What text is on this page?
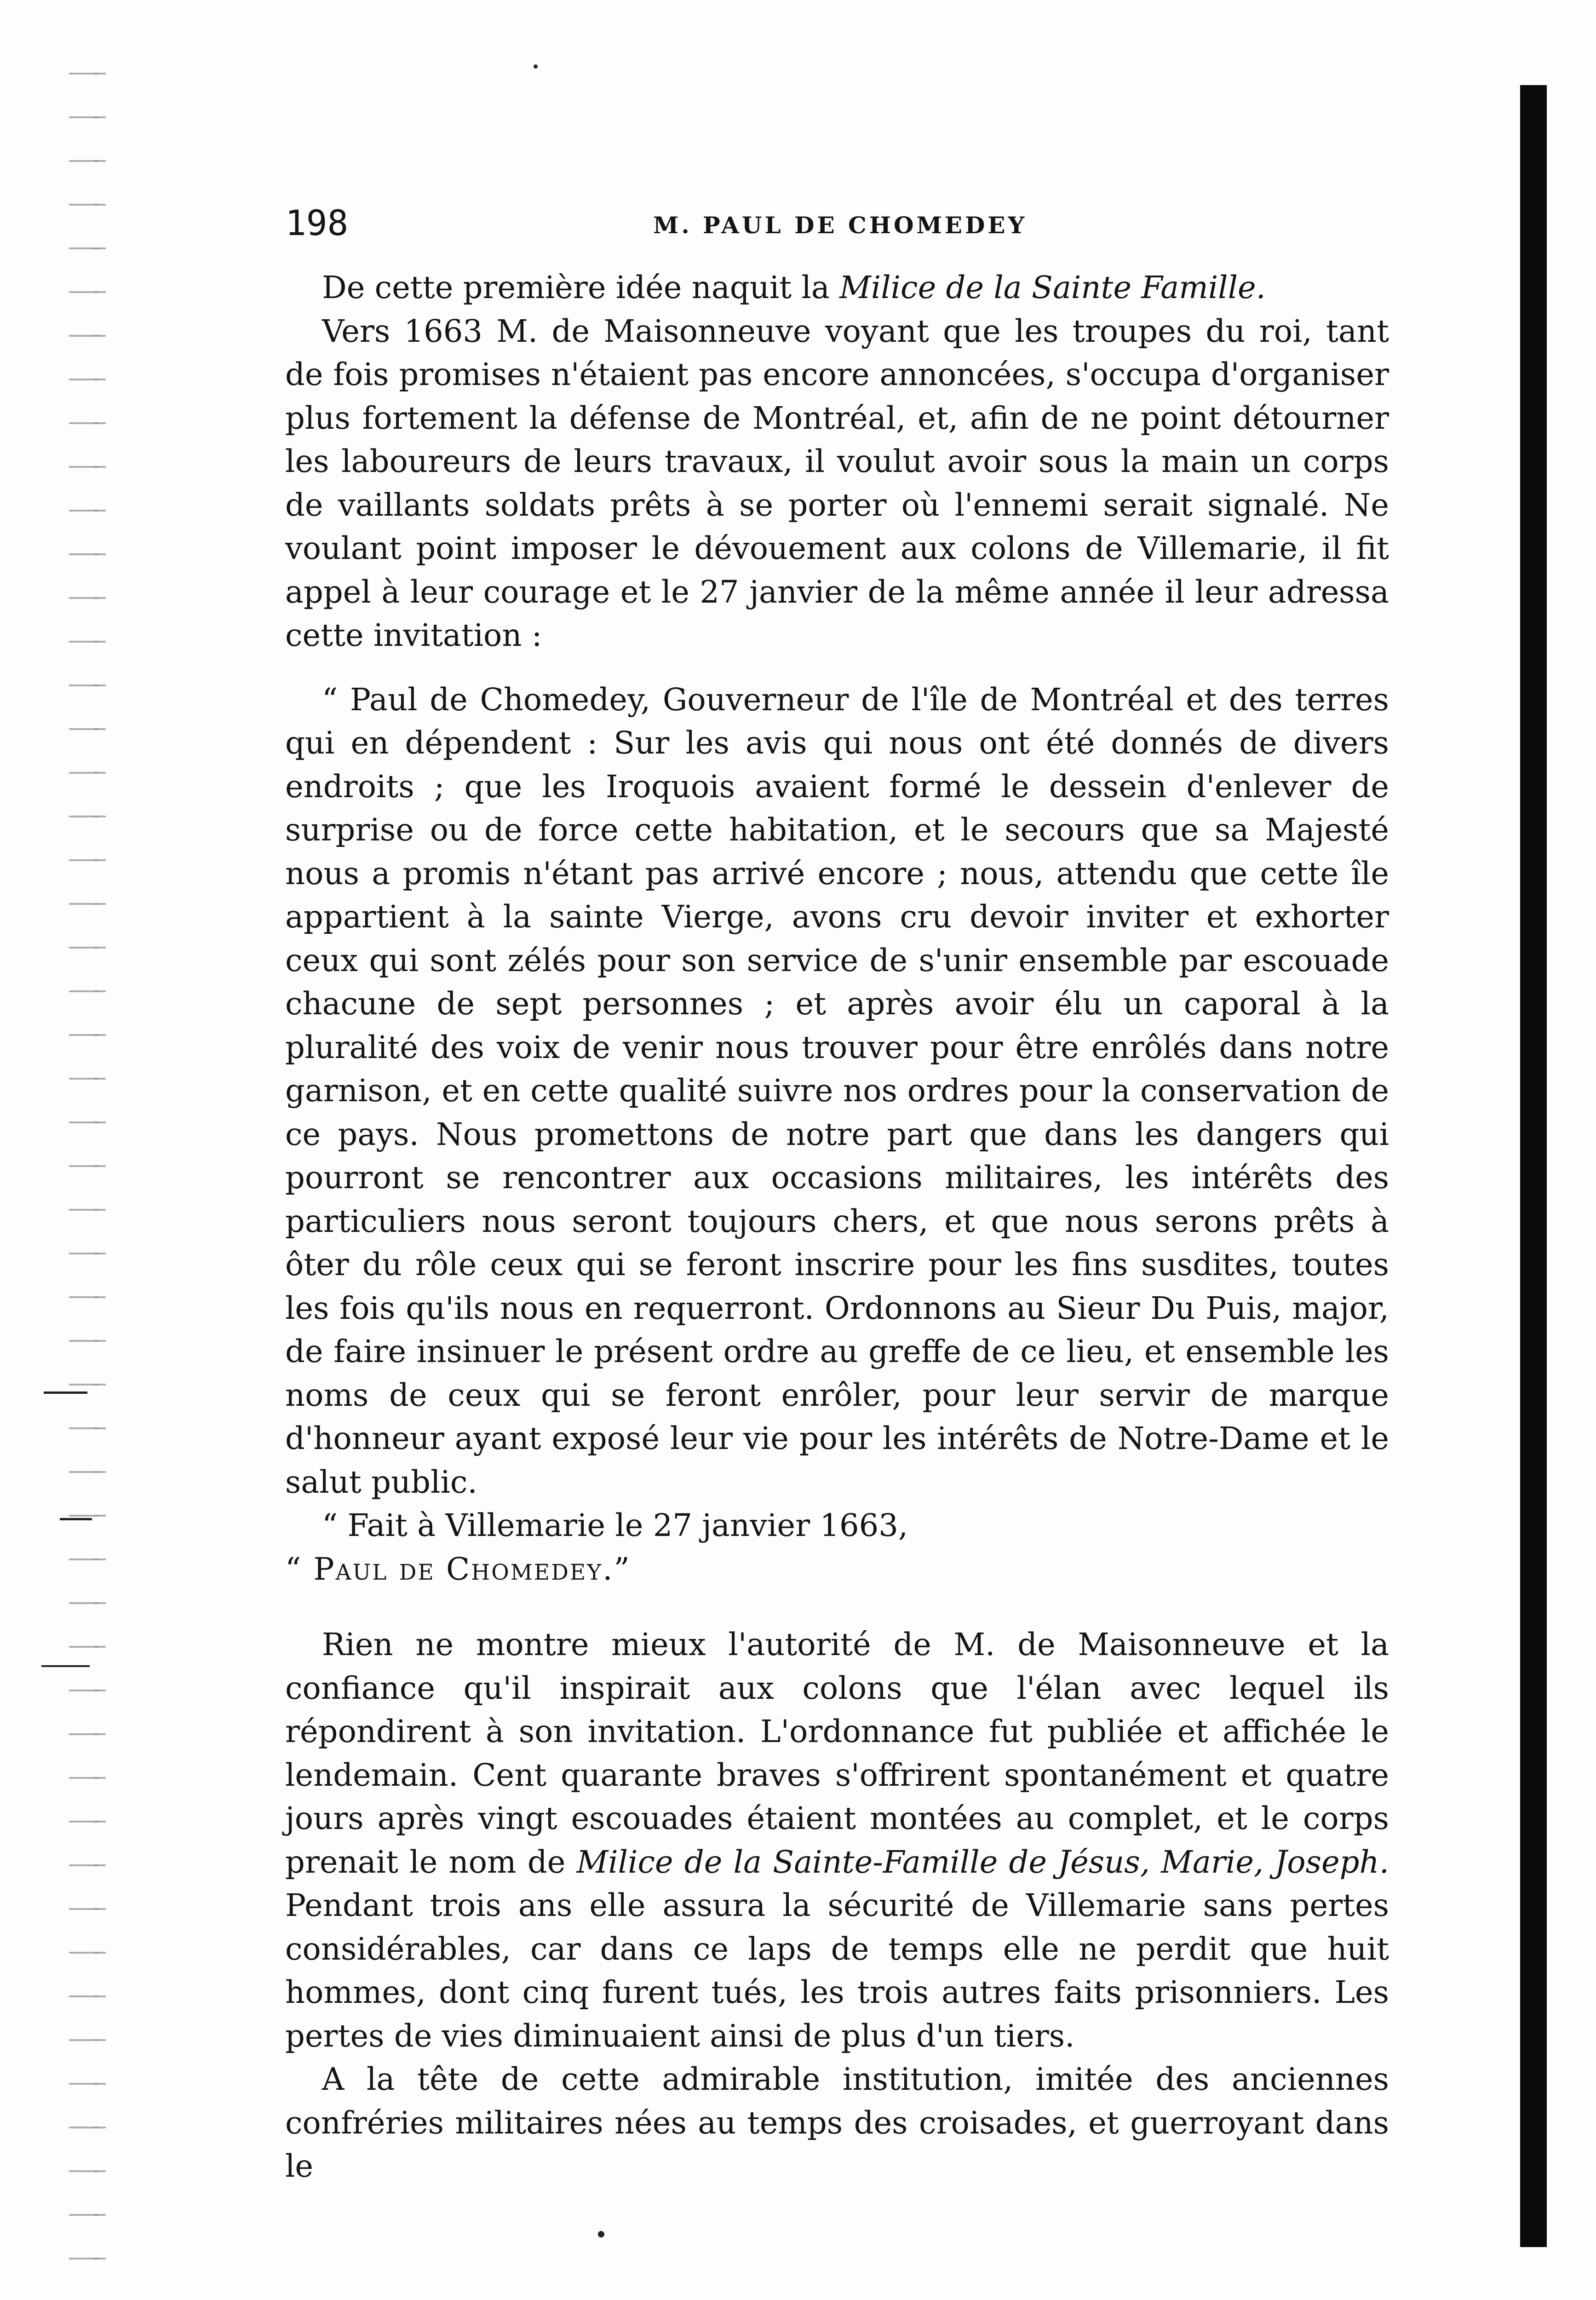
198	M. PAUL DE CHOMEDEY

De cette première idée naquit la Milice de la Sainte Famille.

Vers 1663 M. de Maisonneuve voyant que les troupes du roi, tant de fois promises n'étaient pas encore annoncées, s'occupa d'organiser plus fortement la défense de Montréal, et, afin de ne point détourner les laboureurs de leurs travaux, il voulut avoir sous la main un corps de vaillants soldats prêts à se porter où l'ennemi serait signalé. Ne voulant point imposer le dévouement aux colons de Villemarie, il fit appel à leur courage et le 27 janvier de la même année il leur adressa cette invitation :

“ Paul de Chomedey, Gouverneur de l'île de Montréal et des terres qui en dépendent : Sur les avis qui nous ont été donnés de divers endroits ; que les Iroquois avaient formé le dessein d'enlever de surprise ou de force cette habitation, et le secours que sa Majesté nous a promis n'étant pas arrivé encore ; nous, attendu que cette île appartient à la sainte Vierge, avons cru devoir inviter et exhorter ceux qui sont zélés pour son service de s'unir ensemble par escouade chacune de sept personnes ; et après avoir élu un caporal à la pluralité des voix de venir nous trouver pour être enrôlés dans notre garnison, et en cette qualité suivre nos ordres pour la conservation de ce pays. Nous promettons de notre part que dans les dangers qui pourront se rencontrer aux occasions militaires, les intérêts des particuliers nous seront toujours chers, et que nous serons prêts à ôter du rôle ceux qui se feront inscrire pour les fins susdites, toutes les fois qu'ils nous en requerront. Ordonnons au Sieur Du Puis, major, de faire insinuer le présent ordre au greffe de ce lieu, et ensemble les noms de ceux qui se feront enrôler, pour leur servir de marque d'honneur ayant exposé leur vie pour les intérêts de Notre-Dame et le salut public.

“ Fait à Villemarie le 27 janvier 1663,

“ Paul de Chomedey.”

Rien ne montre mieux l'autorité de M. de Maisonneuve et la confiance qu'il inspirait aux colons que l'élan avec lequel ils répondirent à son invitation. L'ordonnance fut publiée et affichée le lendemain. Cent quarante braves s'offrirent spontanément et quatre jours après vingt escouades étaient montées au complet, et le corps prenait le nom de Milice de la Sainte-Famille de Jésus, Marie, Joseph. Pendant trois ans elle assura la sécurité de Villemarie sans pertes considérables, car dans ce laps de temps elle ne perdit que huit hommes, dont cinq furent tués, les trois autres faits prisonniers. Les pertes de vies diminuaient ainsi de plus d'un tiers.

A la tête de cette admirable institution, imitée des anciennes confréries militaires nées au temps des croisades, et guerroyant dans le
